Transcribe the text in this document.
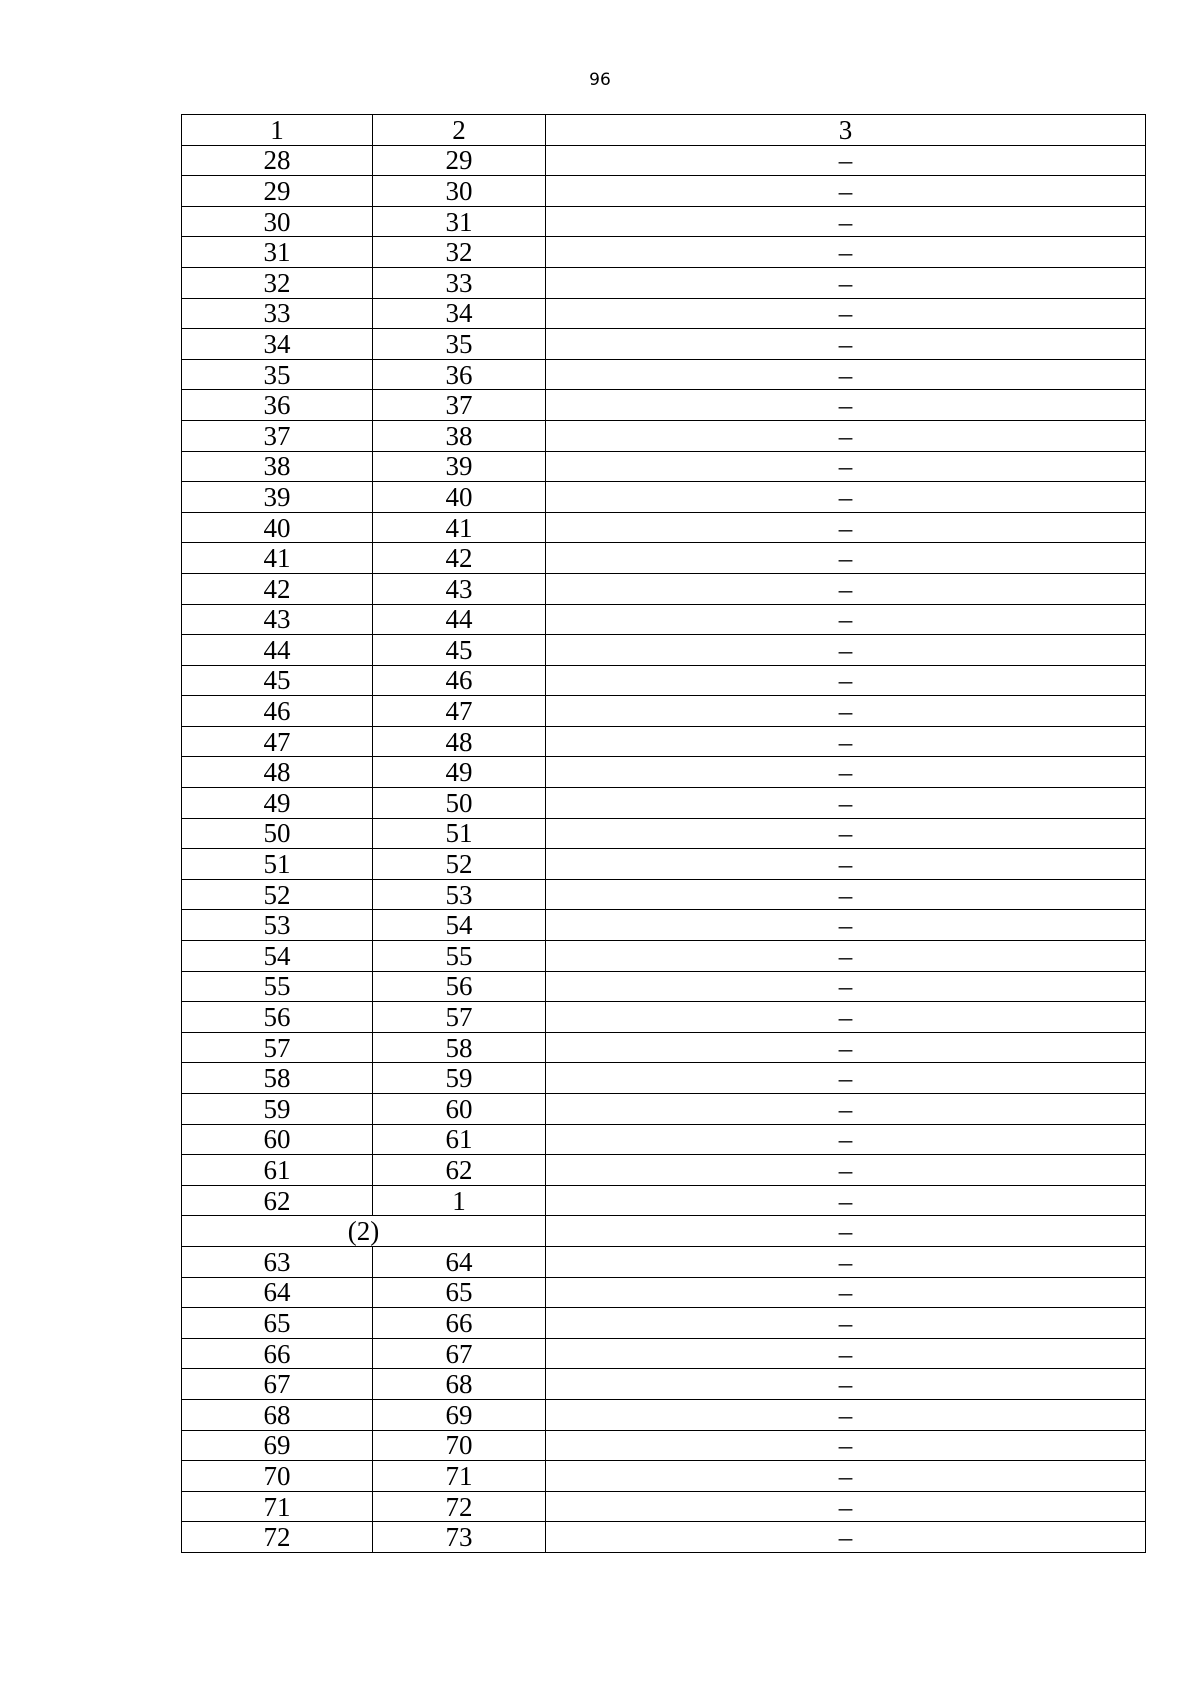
96
1	2	3
28	29	–
29	30	–
30	31	–
31	32	–
32	33	–
33	34	–
34	35	–
35	36	–
36	37	–
37	38	–
38	39	–
39	40	–
40	41	–
41	42	–
42	43	–
43	44	–
44	45	–
45	46	–
46	47	–
47	48	–
48	49	–
49	50	–
50	51	–
51	52	–
52	53	–
53	54	–
54	55	–
55	56	–
56	57	–
57	58	–
58	59	–
59	60	–
60	61	–
61	62	–
62	1	–
(2)		–
63	64	–
64	65	–
65	66	–
66	67	–
67	68	–
68	69	–
69	70	–
70	71	–
71	72	–
72	73	–
